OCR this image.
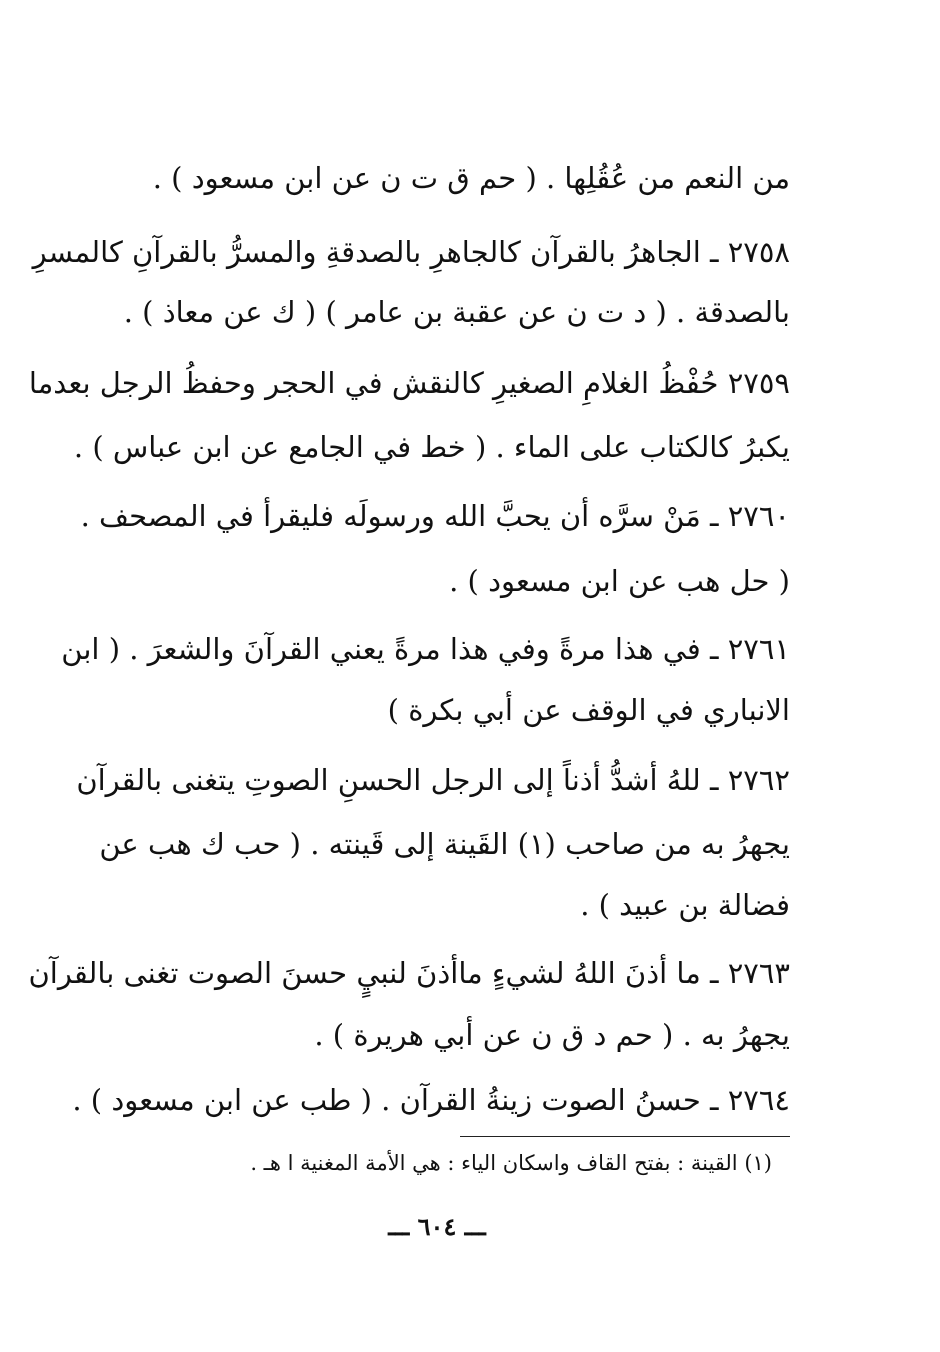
من النعم من عُقُلِها . ( حم ق ت ن عن ابن مسعود ) .
٢٧٥٨ ـ الجاهرُ بالقرآن كالجاهرِ بالصدقةِ والمسرُّ بالقرآنِ كالمسرِ
بالصدقة . ( د ت ن عن عقبة بن عامر ) ( ك عن معاذ ) .
٢٧٥٩ حُفْظُ الغلامِ الصغيرِ كالنقش في الحجر وحفظُ الرجل بعدما
يكبرُ كالكتاب على الماء . ( خط في الجامع عن ابن عباس ) .
٢٧٦٠ ـ مَنْ سرَّه أن يحبَّ الله ورسولَه فليقرأ في المصحف .
( حل هب عن ابن مسعود ) .
٢٧٦١ ـ في هذا مرةً وفي هذا مرةً يعني القرآنَ والشعرَ . ( ابن
الانباري في الوقف عن أبي بكرة )
٢٧٦٢ ـ للهُ أشدُّ أذناً إلى الرجل الحسنِ الصوتِ يتغنى بالقرآن
يجهرُ به من صاحب (١) القَينة إلى قَينته . ( حب ك هب عن
فضالة بن عبيد ) .
٢٧٦٣ ـ ما أذنَ اللهُ لشيءٍ ماأذنَ لنبيٍ حسنَ الصوت تغنى بالقرآن
يجهرُ به . ( حم د ق ن عن أبي هريرة ) .
٢٧٦٤ ـ حسنُ الصوت زينةُ القرآن . ( طب عن ابن مسعود ) .
(١) القينة : بفتح القاف واسكان الياء : هي الأمة المغنية ا هـ .
ـــ ٦٠٤ ـــ
